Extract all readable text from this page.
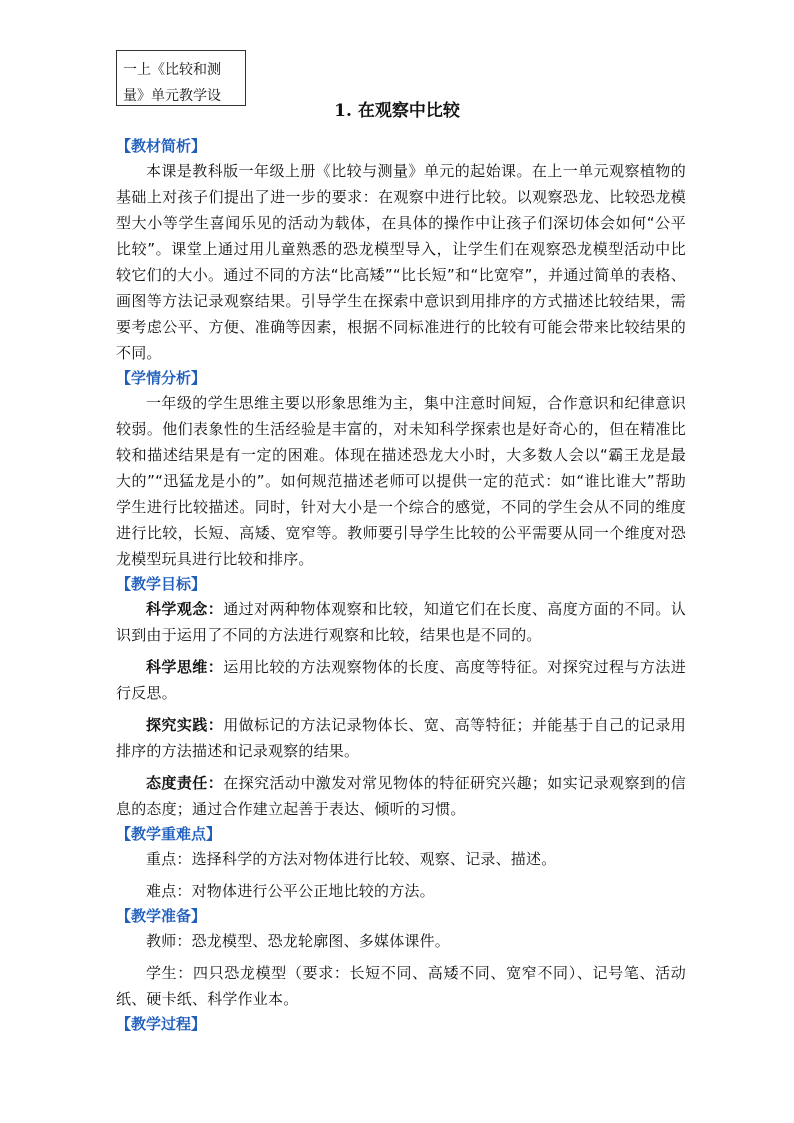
一上《比较和测
量》单元教学设
1. 在观察中比较

【教材简析】

本课是教科版一年级上册《比较与测量》单元的起始课。在上一单元观察植物的基础上对孩子们提出了进一步的要求：在观察中进行比较。以观察恐龙、比较恐龙模型大小等学生喜闻乐见的活动为载体，在具体的操作中让孩子们深切体会如何“公平比较”。课堂上通过用儿童熟悉的恐龙模型导入，让学生们在观察恐龙模型活动中比较它们的大小。通过不同的方法“比高矮”“比长短”和“比宽窄”，并通过简单的表格、画图等方法记录观察结果。引导学生在探索中意识到用排序的方式描述比较结果，需要考虑公平、方便、准确等因素，根据不同标准进行的比较有可能会带来比较结果的不同。

【学情分析】

一年级的学生思维主要以形象思维为主，集中注意时间短，合作意识和纪律意识较弱。他们表象性的生活经验是丰富的，对未知科学探索也是好奇心的，但在精准比较和描述结果是有一定的困难。体现在描述恐龙大小时，大多数人会以“霸王龙是最大的”“迅猛龙是小的”。如何规范描述老师可以提供一定的范式：如“谁比谁大”帮助学生进行比较描述。同时，针对大小是一个综合的感觉，不同的学生会从不同的维度进行比较，长短、高矮、宽窄等。教师要引导学生比较的公平需要从同一个维度对恐龙模型玩具进行比较和排序。

【教学目标】

科学观念：通过对两种物体观察和比较，知道它们在长度、高度方面的不同。认识到由于运用了不同的方法进行观察和比较，结果也是不同的。

科学思维：运用比较的方法观察物体的长度、高度等特征。对探究过程与方法进行反思。

探究实践：用做标记的方法记录物体长、宽、高等特征；并能基于自己的记录用排序的方法描述和记录观察的结果。

态度责任：在探究活动中激发对常见物体的特征研究兴趣；如实记录观察到的信息的态度；通过合作建立起善于表达、倾听的习惯。

【教学重难点】

重点：选择科学的方法对物体进行比较、观察、记录、描述。

难点：对物体进行公平公正地比较的方法。

【教学准备】

教师：恐龙模型、恐龙轮廓图、多媒体课件。

学生：四只恐龙模型（要求：长短不同、高矮不同、宽窄不同）、记号笔、活动纸、硬卡纸、科学作业本。

【教学过程】
